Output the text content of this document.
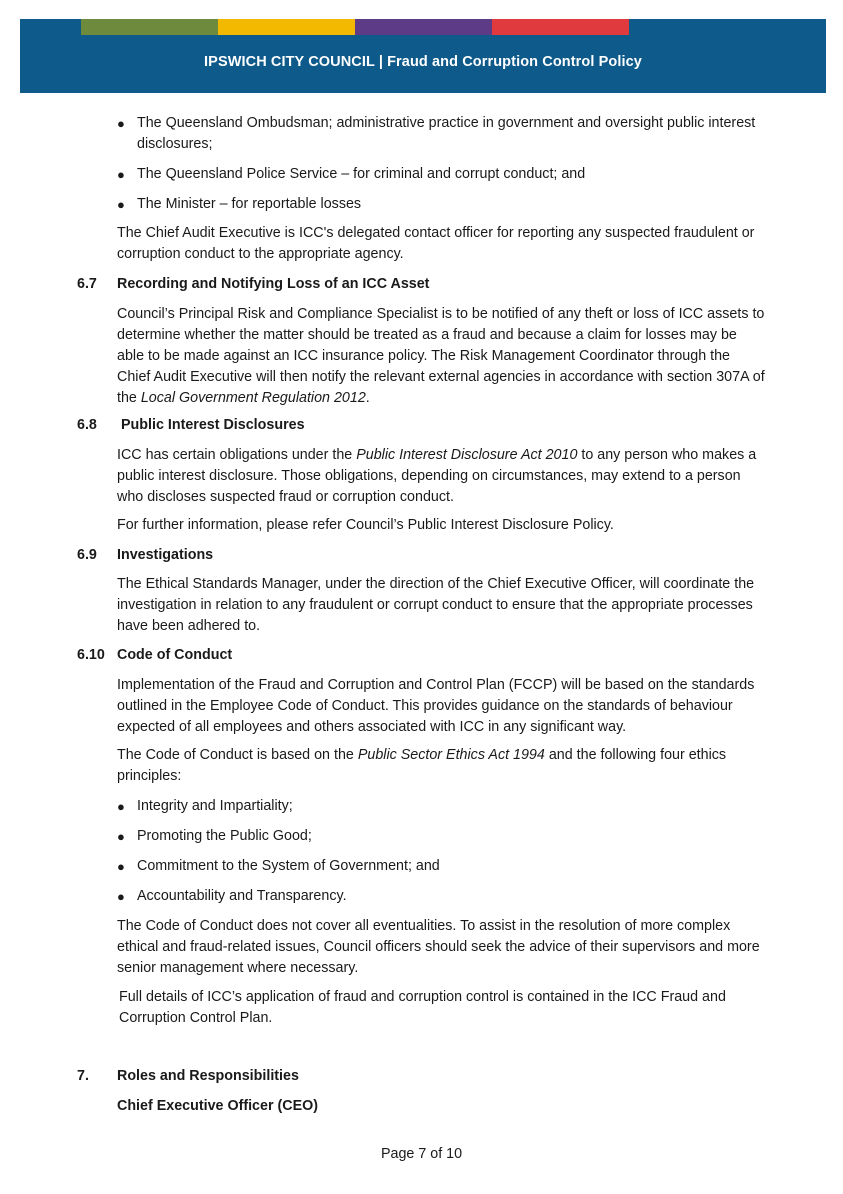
IPSWICH CITY COUNCIL | Fraud and Corruption Control Policy
● The Queensland Ombudsman; administrative practice in government and oversight public interest disclosures;
● The Queensland Police Service – for criminal and corrupt conduct; and
● The Minister – for reportable losses

The Chief Audit Executive is ICC's delegated contact officer for reporting any suspected fraudulent or corruption conduct to the appropriate agency.

6.7 Recording and Notifying Loss of an ICC Asset

Council’s Principal Risk and Compliance Specialist is to be notified of any theft or loss of ICC assets to determine whether the matter should be treated as a fraud and because a claim for losses may be able to be made against an ICC insurance policy. The Risk Management Coordinator through the Chief Audit Executive will then notify the relevant external agencies in accordance with section 307A of the Local Government Regulation 2012.

6.8 Public Interest Disclosures

ICC has certain obligations under the Public Interest Disclosure Act 2010 to any person who makes a public interest disclosure. Those obligations, depending on circumstances, may extend to a person who discloses suspected fraud or corruption conduct.

For further information, please refer Council’s Public Interest Disclosure Policy.

6.9 Investigations

The Ethical Standards Manager, under the direction of the Chief Executive Officer, will coordinate the investigation in relation to any fraudulent or corrupt conduct to ensure that the appropriate processes have been adhered to.

6.10 Code of Conduct

Implementation of the Fraud and Corruption and Control Plan (FCCP) will be based on the standards outlined in the Employee Code of Conduct. This provides guidance on the standards of behaviour expected of all employees and others associated with ICC in any significant way.

The Code of Conduct is based on the Public Sector Ethics Act 1994 and the following four ethics principles:

● Integrity and Impartiality;
● Promoting the Public Good;
● Commitment to the System of Government; and
● Accountability and Transparency.

The Code of Conduct does not cover all eventualities. To assist in the resolution of more complex ethical and fraud-related issues, Council officers should seek the advice of their supervisors and more senior management where necessary.

Full details of ICC’s application of fraud and corruption control is contained in the ICC Fraud and Corruption Control Plan.

7. Roles and Responsibilities
Chief Executive Officer (CEO)
Page 7 of 10
